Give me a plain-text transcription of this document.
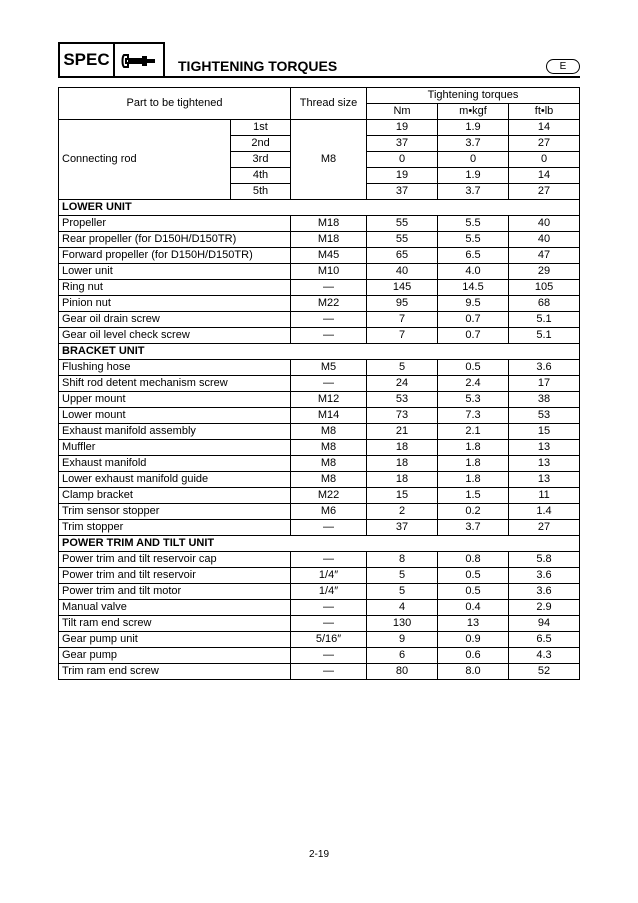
SPEC	TIGHTENING TORQUES	E
Part to be tightened		Thread size	Tightening torques		
			Nm	m•kgf	ft•lb
Connecting rod	1st	M8	19	1.9	14
	2nd		37	3.7	27
	3rd		0	0	0
	4th		19	1.9	14
	5th		37	3.7	27
LOWER UNIT					
Propeller		M18	55	5.5	40
Rear propeller (for D150H/D150TR)		M18	55	5.5	40
Forward propeller (for D150H/D150TR)		M45	65	6.5	47
Lower unit		M10	40	4.0	29
Ring nut		—	145	14.5	105
Pinion nut		M22	95	9.5	68
Gear oil drain screw		—	7	0.7	5.1
Gear oil level check screw		—	7	0.7	5.1
BRACKET UNIT					
Flushing hose		M5	5	0.5	3.6
Shift rod detent mechanism screw		—	24	2.4	17
Upper mount		M12	53	5.3	38
Lower mount		M14	73	7.3	53
Exhaust manifold assembly		M8	21	2.1	15
Muffler		M8	18	1.8	13
Exhaust manifold		M8	18	1.8	13
Lower exhaust manifold guide		M8	18	1.8	13
Clamp bracket		M22	15	1.5	11
Trim sensor stopper		M6	2	0.2	1.4
Trim stopper		—	37	3.7	27
POWER TRIM AND TILT UNIT					
Power trim and tilt reservoir cap		—	8	0.8	5.8
Power trim and tilt reservoir		1/4″	5	0.5	3.6
Power trim and tilt motor		1/4″	5	0.5	3.6
Manual valve		—	4	0.4	2.9
Tilt ram end screw		—	130	13	94
Gear pump unit		5/16″	9	0.9	6.5
Gear pump		—	6	0.6	4.3
Trim ram end screw		—	80	8.0	52
2-19
